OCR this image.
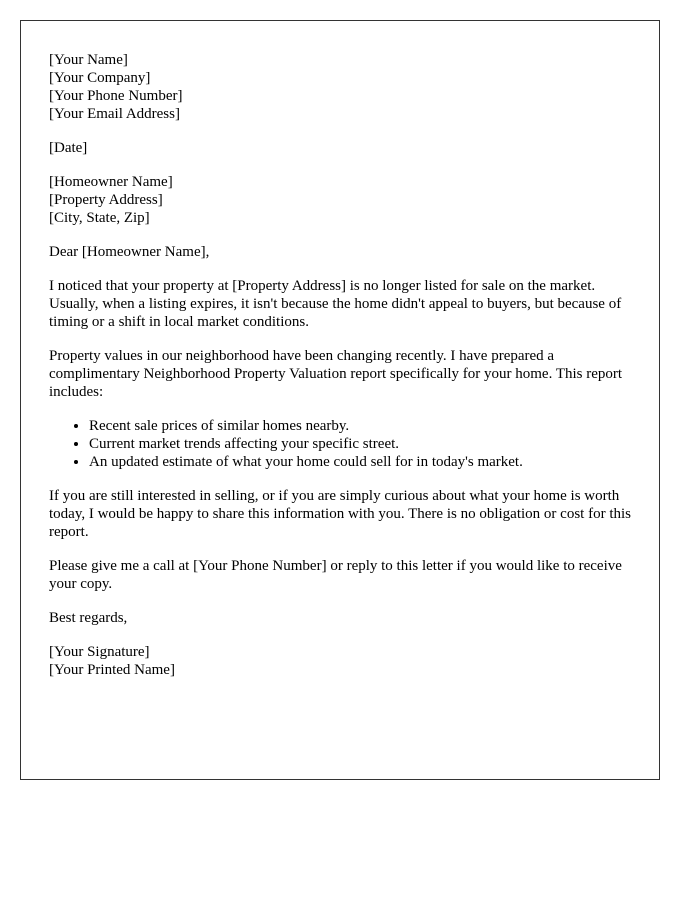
[Your Name]
[Your Company]
[Your Phone Number]
[Your Email Address]
[Date]
[Homeowner Name]
[Property Address]
[City, State, Zip]

Dear [Homeowner Name],

I noticed that your property at [Property Address] is no longer listed for sale on the market. Usually, when a listing expires, it isn't because the home didn't appeal to buyers, but because of timing or a shift in local market conditions.

Property values in our neighborhood have been changing recently. I have prepared a complimentary Neighborhood Property Valuation report specifically for your home. This report includes:

• Recent sale prices of similar homes nearby.
• Current market trends affecting your specific street.
• An updated estimate of what your home could sell for in today's market.

If you are still interested in selling, or if you are simply curious about what your home is worth today, I would be happy to share this information with you. There is no obligation or cost for this report.

Please give me a call at [Your Phone Number] or reply to this letter if you would like to receive your copy.

Best regards,

[Your Signature]
[Your Printed Name]
